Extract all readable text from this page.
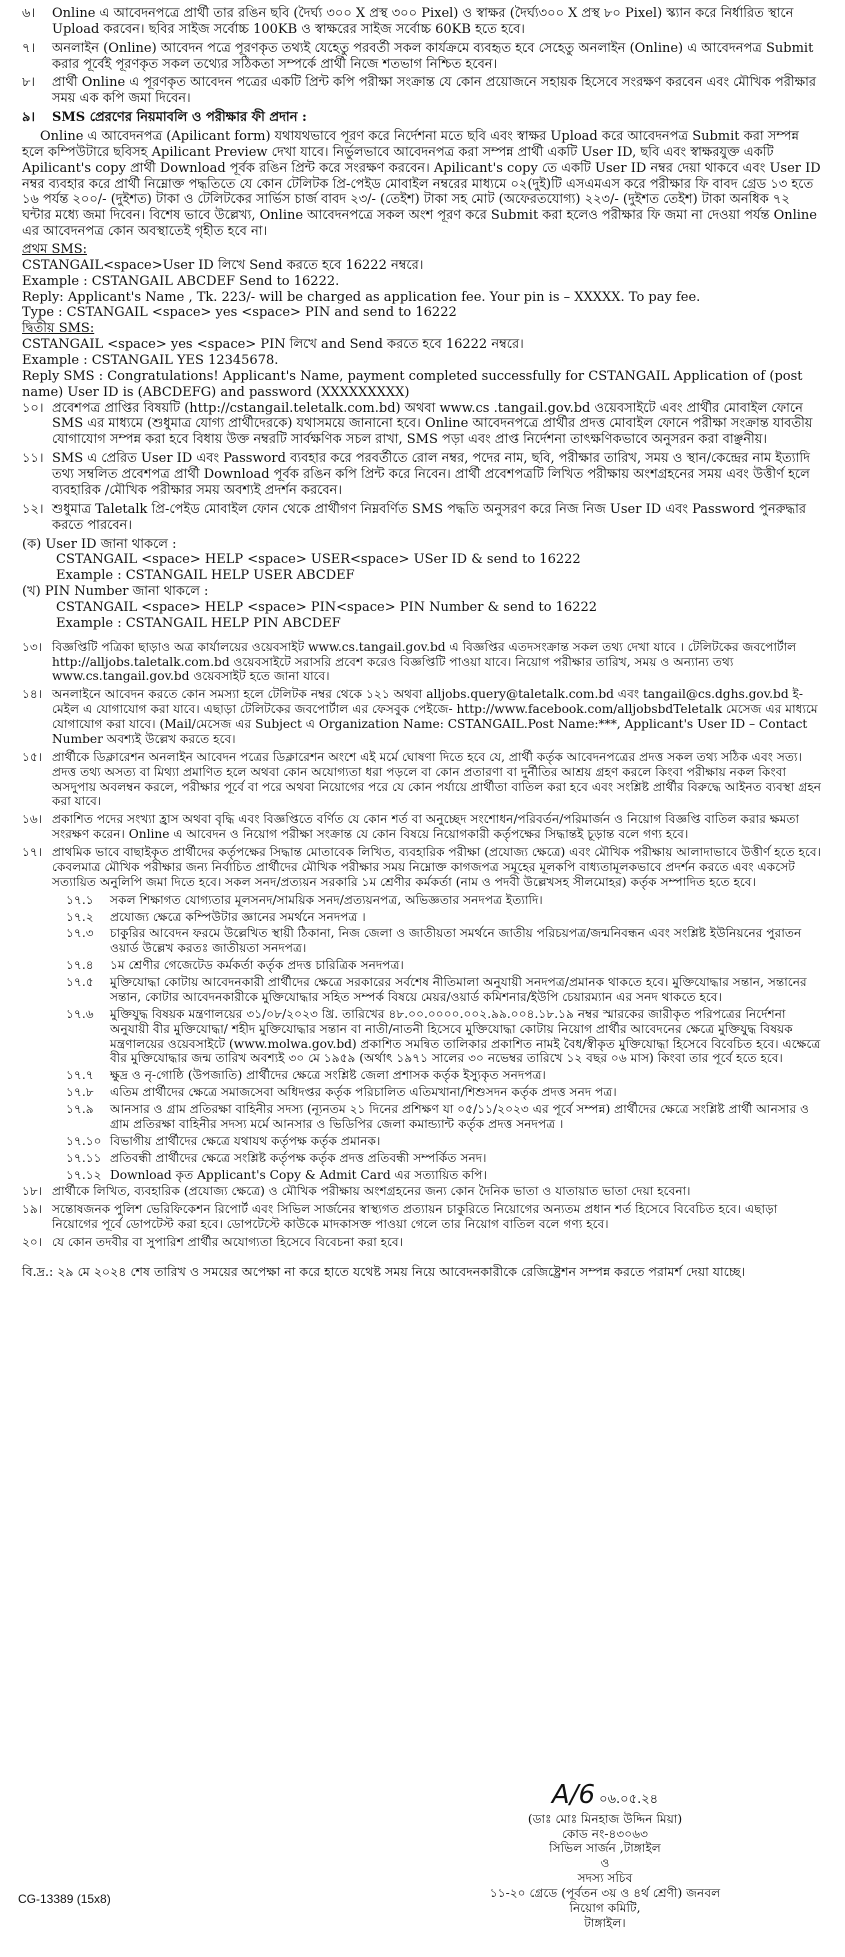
৬।	Online এ আবেদনপত্রে প্রার্থী তার রঙিন ছবি (দৈর্ঘ্য ৩০০ X প্রস্থ ৩০০ Pixel) ও স্বাক্ষর (দৈর্ঘ্য৩০০ X প্রস্থ ৮০ Pixel) স্ক্যান করে নির্ধারিত স্থানে Upload করবেন। ছবির সাইজ সর্বোচ্চ 100KB ও স্বাক্ষরের সাইজ সর্বোচ্চ 60KB হতে হবে।
৭।	অনলাইন (Online) আবেদন পত্রে পূরণকৃত তথ্যই যেহেতু পরবর্তী সকল কার্যক্রমে ব্যবহৃত হবে সেহেতু অনলাইন (Online) এ আবেদনপত্র Submit করার পূর্বেই পূরণকৃত সকল তথ্যের সঠিকতা সম্পর্কে প্রার্থী নিজে শতভাগ নিশ্চিত হবেন।
৮।	প্রার্থী Online এ পূরণকৃত আবেদন পত্রের একটি প্রিন্ট কপি পরীক্ষা সংক্রান্ত যে কোন প্রয়োজনে সহায়ক হিসেবে সংরক্ষণ করবেন এবং মৌখিক পরীক্ষার সময় এক কপি জমা দিবেন।
৯।	SMS প্রেরণের নিয়মাবলি ও পরীক্ষার ফী প্রদান :
Online এ আবেদনপত্র (Apilicant form) যথাযথভাবে পূরণ করে নির্দেশনা মতে ছবি এবং স্বাক্ষর Upload করে আবেদনপত্র Submit করা সম্পন্ন হলে কম্পিউটারে ছবিসহ Apilicant Preview দেখা যাবে। নির্ভুলভাবে আবেদনপত্র করা সম্পন্ন প্রার্থী একটি User ID, ছবি এবং স্বাক্ষরযুক্ত একটি Apilicant's copy প্রার্থী Download পূর্বক রঙিন প্রিন্ট করে সংরক্ষণ করবেন। Apilicant's copy তে একটি User ID নম্বর দেয়া থাকবে এবং User ID নম্বর ব্যবহার করে প্রার্থী নিম্নোক্ত পদ্ধতিতে যে কোন টেলিটক প্রি-পেইড মোবাইল নম্বরের মাধ্যমে ০২(দুই)টি এসএমএস করে পরীক্ষার ফি বাবদ গ্রেড ১৩ হতে ১৬ পর্যন্ত ২০০/- (দুইশত) টাকা ও টেলিটকের সার্ভিস চার্জ বাবদ ২৩/- (তেইশ) টাকা সহ মোট (অফেরতযোগ্য) ২২৩/- (দুইশত তেইশ) টাকা অনধিক ৭২ ঘন্টার মধ্যে জমা দিবেন। বিশেষ ভাবে উল্লেখ্য, Online আবেদনপত্রে সকল অংশ পূরণ করে Submit করা হলেও পরীক্ষার ফি জমা না দেওয়া পর্যন্ত Online এর আবেদনপত্র কোন অবস্থাতেই গৃহীত হবে না।
প্রথম SMS:
CSTANGAIL<space>User ID লিখে Send করতে হবে 16222 নম্বরে।
Example : CSTANGAIL ABCDEF Send to 16222.
Reply: Applicant's Name , Tk. 223/- will be charged as application fee. Your pin is – XXXXX. To pay fee.
Type : CSTANGAIL <space> yes <space> PIN and send to 16222
দ্বিতীয় SMS:
CSTANGAIL <space> yes <space> PIN লিখে and Send করতে হবে 16222 নম্বরে।
Example : CSTANGAIL YES 12345678.
Reply SMS : Congratulations! Applicant's Name, payment completed successfully for CSTANGAIL Application of (post name) User ID is (ABCDEFG) and password (XXXXXXXXX)
১০। প্রবেশপত্র প্রাপ্তির বিষয়টি (http://cstangail.teletalk.com.bd) অথবা www.cs .tangail.gov.bd ওয়েবসাইটে এবং প্রার্থীর মোবাইল ফোনে SMS এর মাধ্যমে (শুধুমাত্র যোগ্য প্রার্থীদেরকে) যথাসময়ে জানানো হবে। Online আবেদনপত্রে প্রার্থীর প্রদত্ত মোবাইল ফোনে পরীক্ষা সংক্রান্ত যাবতীয় যোগাযোগ সম্পন্ন করা হবে বিধায় উক্ত নম্বরটি সার্বক্ষণিক সচল রাখা, SMS পড়া এবং প্রাপ্ত নির্দেশনা তাৎক্ষণিকভাবে অনুসরন করা বাঞ্ছনীয়।
১১। SMS এ প্রেরিত User ID এবং Password ব্যবহার করে পরবর্তীতে রোল নম্বর, পদের নাম, ছবি, পরীক্ষার তারিখ, সময় ও স্থান/কেন্দ্রের নাম ইত্যাদি তথ্য সম্বলিত প্রবেশপত্র প্রার্থী Download পূর্বক রঙিন কপি প্রিন্ট করে নিবেন। প্রার্থী প্রবেশপত্রটি লিখিত পরীক্ষায় অংশগ্রহনের সময় এবং উত্তীর্ণ হলে ব্যবহারিক /মৌখিক পরীক্ষার সময় অবশ্যই প্রদর্শন করবেন।
১২। শুধুমাত্র Taletalk প্রি-পেইড মোবাইল ফোন থেকে প্রার্থীগণ নিম্নবর্ণিত SMS পদ্ধতি অনুসরণ করে নিজ নিজ User ID এবং Password পুনরুদ্ধার করতে পারবেন।
(ক) User ID জানা থাকলে :
CSTANGAIL <space> HELP <space> USER<space> USer ID & send to 16222
Example : CSTANGAIL HELP USER ABCDEF
(খ) PIN Number জানা থাকলে :
CSTANGAIL <space> HELP <space> PIN<space> PIN Number & send to 16222
Example : CSTANGAIL HELP PIN ABCDEF
১৩। বিজ্ঞপ্তিটি পত্রিকা ছাড়াও অত্র কার্যালয়ের ওয়েবসাইট www.cs.tangail.gov.bd এ বিজ্ঞপ্তির এতদসংক্রান্ত সকল তথ্য দেখা যাবে । টেলিটকের জবপোর্টাল http://alljobs.taletalk.com.bd ওয়েবসাইটে সরাসরি প্রবেশ করেও বিজ্ঞপ্তিটি পাওয়া যাবে। নিয়োগ পরীক্ষার তারিখ, সময় ও অন্যান্য তথ্য www.cs.tangail.gov.bd ওয়েবসাইট হতে জানা যাবে।
১৪। অনলাইনে আবেদন করতে কোন সমস্যা হলে টেলিটক নম্বর থেকে ১২১ অথবা alljobs.query@taletalk.com.bd এবং tangail@cs.dghs.gov.bd ই-মেইল এ যোগাযোগ করা যাবে। এছাড়া টেলিটকের জবপোর্টাল এর ফেসবুক পেইজে- http://www.facebook.com/alljobsbdTeletalk মেসেজ এর মাধ্যমে যোগাযোগ করা যাবে। (Mail/মেসেজ এর Subject এ Organization Name: CSTANGAIL.Post Name:***, Applicant's User ID – Contact Number অবশ্যই উল্লেখ করতে হবে।
১৫। প্রার্থীকে ডিক্লারেশন অনলাইন আবেদন পত্রের ডিক্লারেশন অংশে এই মর্মে ঘোষণা দিতে হবে যে, প্রার্থী কর্তৃক আবেদনপত্রের প্রদত্ত সকল তথ্য সঠিক এবং সত্য। প্রদত্ত তথ্য অসত্য বা মিথ্যা প্রমাণিত হলে অথবা কোন অযোগ্যতা ধরা পড়লে বা কোন প্রতারণা বা দুর্নীতির আশ্রয় গ্রহণ করলে কিংবা পরীক্ষায় নকল কিংবা অসদুপায় অবলম্বন করলে, পরীক্ষার পূর্বে বা পরে অথবা নিয়োগের পরে যে কোন পর্যায়ে প্রার্থীতা বাতিল করা হবে এবং সংশ্লিষ্ট প্রার্থীর বিরুদ্ধে আইনত ব্যবস্থা গ্রহন করা যাবে।
১৬। প্রকাশিত পদের সংখ্যা হ্রাস অথবা বৃদ্ধি এবং বিজ্ঞপ্তিতে বর্ণিত যে কোন শর্ত বা অনুচ্ছেদ সংশোধন/পরিবর্তন/পরিমার্জন ও নিয়োগ বিজ্ঞপ্তি বাতিল করার ক্ষমতা সংরক্ষণ করেন। Online এ আবেদন ও নিয়োগ পরীক্ষা সংক্রান্ত যে কোন বিষয়ে নিয়োগকারী কর্তৃপক্ষের সিদ্ধান্তই চূড়ান্ত বলে গণ্য হবে।
১৭। প্রাথমিক ভাবে বাছাইকৃত প্রার্থীদের কর্তৃপক্ষের সিদ্ধান্ত মোতাবেক লিখিত, ব্যবহারিক পরীক্ষা (প্রযোজ্য ক্ষেত্রে) এবং মৌখিক পরীক্ষায় আলাদাভাবে উত্তীর্ণ হতে হবে। কেবলমাত্র মৌখিক পরীক্ষার জন্য নির্বাচিত প্রার্থীদের মৌখিক পরীক্ষার সময় নিম্নোক্ত কাগজপত্র সমূহের মূলকপি বাধ্যতামূলকভাবে প্রদর্শন করতে এবং একসেট সত্যায়িত অনুলিপি জমা দিতে হবে। সকল সনদ/প্রত্যয়ন সরকারি ১ম শ্রেণীর কর্মকর্তা (নাম ও পদবী উল্লেখসহ সীলমোহর) কর্তৃক সম্পাদিত হতে হবে।
১৭.১	সকল শিক্ষাগত যোগ্যতার মূলসনদ/সাময়িক সনদ/প্রত্যয়নপত্র, অভিজ্ঞতার সনদপত্র ইত্যাদি।
১৭.২	প্রযোজ্য ক্ষেত্রে কম্পিউটার জ্ঞানের সমর্থনে সনদপত্র ।
১৭.৩	চাকুরির আবেদন ফরমে উল্লেখিত স্থায়ী ঠিকানা, নিজ জেলা ও জাতীয়তা সমর্থনে জাতীয় পরিচয়পত্র/জন্মনিবন্ধন এবং সংশ্লিষ্ট ইউনিয়নের পুরাতন ওয়ার্ড উল্লেখ করতঃ জাতীয়তা সনদপত্র।
১৭.৪	১ম শ্রেণীর গেজেটেড কর্মকর্তা কর্তৃক প্রদত্ত চারিত্রিক সনদপত্র।
১৭.৫	মুক্তিযোদ্ধা কোটায় আবেদনকারী প্রার্থীদের ক্ষেত্রে সরকারের সর্বশেষ নীতিমালা অনুযায়ী সনদপত্র/প্রমানক থাকতে হবে। মুক্তিযোদ্ধার সন্তান, সন্তানের সন্তান, কোটার আবেদনকারীকে মুক্তিযোদ্ধার সহিত সম্পর্ক বিষয়ে মেয়র/ওয়ার্ড কমিশনার/ইউপি চেয়ারম্যান এর সনদ থাকতে হবে।
১৭.৬	মুক্তিযুদ্ধ বিষয়ক মন্ত্রণালয়ের ৩১/০৮/২০২৩ খ্রি. তারিখের ৪৮.০০.০০০০.০০২.৯৯.০০৪.১৮.১৯ নম্বর স্মারকের জারীকৃত পরিপত্রের নির্দেশনা অনুযায়ী বীর মুক্তিযোদ্ধা/ শহীদ মুক্তিযোদ্ধার সন্তান বা নাতী/নাতনী হিসেবে মুক্তিযোদ্ধা কোটায় নিয়োগ প্রার্থীর আবেদনের ক্ষেত্রে মুক্তিযুদ্ধ বিষয়ক মন্ত্রণালয়ের ওয়েবসাইটে (www.molwa.gov.bd) প্রকাশিত সমন্বিত তালিকার প্রকাশিত নামই বৈধ/স্বীকৃত মুক্তিযোদ্ধা হিসেবে বিবেচিত হবে। এক্ষেত্রে বীর মুক্তিযোদ্ধার জন্ম তারিখ অবশ্যই ৩০ মে ১৯৫৯ (অর্থাৎ ১৯৭১ সালের ৩০ নভেম্বর তারিখে ১২ বছর ০৬ মাস) কিংবা তার পূর্বে হতে হবে।
১৭.৭	ক্ষুদ্র ও নৃ-গোষ্ঠি (উপজাতি) প্রার্থীদের ক্ষেত্রে সংশ্লিষ্ট জেলা প্রশাসক কর্তৃক ইস্যুকৃত সনদপত্র।
১৭.৮	এতিম প্রার্থীদের ক্ষেত্রে সমাজসেবা অধিদপ্তর কর্তৃক পরিচালিত এতিমখানা/শিশুসদন কর্তৃক প্রদত্ত সনদ পত্র।
১৭.৯	আনসার ও গ্রাম প্রতিরক্ষা বাহিনীর সদস্য (ন্যূনতম ২১ দিনের প্রশিক্ষণ যা ০৫/১১/২০২৩ এর পূর্বে সম্পন্ন) প্রার্থীদের ক্ষেত্রে সংশ্লিষ্ট প্রার্থী আনসার ও গ্রাম প্রতিরক্ষা বাহিনীর সদস্য মর্মে আনসার ও ভিডিপির জেলা কমান্ড্যান্ট কর্তৃক প্রদত্ত সনদপত্র ।
১৭.১০ বিভাগীয় প্রার্থীদের ক্ষেত্রে যথাযথ কর্তৃপক্ষ কর্তৃক প্রমানক।
১৭.১১ প্রতিবন্ধী প্রার্থীদের ক্ষেত্রে সংশ্লিষ্ট কর্তৃপক্ষ কর্তৃক প্রদত্ত প্রতিবন্ধী সম্পর্কিত সনদ।
১৭.১২ Download কৃত Applicant's Copy & Admit Card এর সত্যায়িত কপি।
১৮। প্রার্থীকে লিখিত, ব্যবহারিক (প্রযোজ্য ক্ষেত্রে) ও মৌখিক পরীক্ষায় অংশগ্রহনের জন্য কোন দৈনিক ভাতা ও যাতায়াত ভাতা দেয়া হবেনা।
১৯। সন্তোষজনক পুলিশ ভেরিফিকেশন রিপোর্ট এবং সিভিল সার্জনের স্বাস্থ্যগত প্রত্যায়ন চাকুরিতে নিয়োগের অন্যতম প্রধান শর্ত হিসেবে বিবেচিত হবে। এছাড়া নিয়োগের পূর্বে ডোপটেস্ট করা হবে। ডোপটেস্টে কাউকে মাদকাসক্ত পাওয়া গেলে তার নিয়োগ বাতিল বলে গণ্য হবে।
২০। যে কোন তদবীর বা সুপারিশ প্রার্থীর অযোগ্যতা হিসেবে বিবেচনা করা হবে।
বি.দ্র.: ২৯ মে ২০২৪ শেষ তারিখ ও সময়ের অপেক্ষা না করে হাতে যথেষ্ট সময় নিয়ে আবেদনকারীকে রেজিষ্ট্রেশন সম্পন্ন করতে পরামর্শ দেয়া যাচ্ছে।
A/6 ০৬.০৫.২৪
(ডাঃ মোঃ মিনহাজ উদ্দিন মিয়া)
কোড নং-৪৩০৬৩
সিভিল সার্জন ,টাঙ্গাইল
ও
সদস্য সচিব
১১-২০ গ্রেডে (পূর্বতন ৩য় ও ৪র্থ শ্রেণী) জনবল নিয়োগ কমিটি,
টাঙ্গাইল।
CG-13389 (15x8)
